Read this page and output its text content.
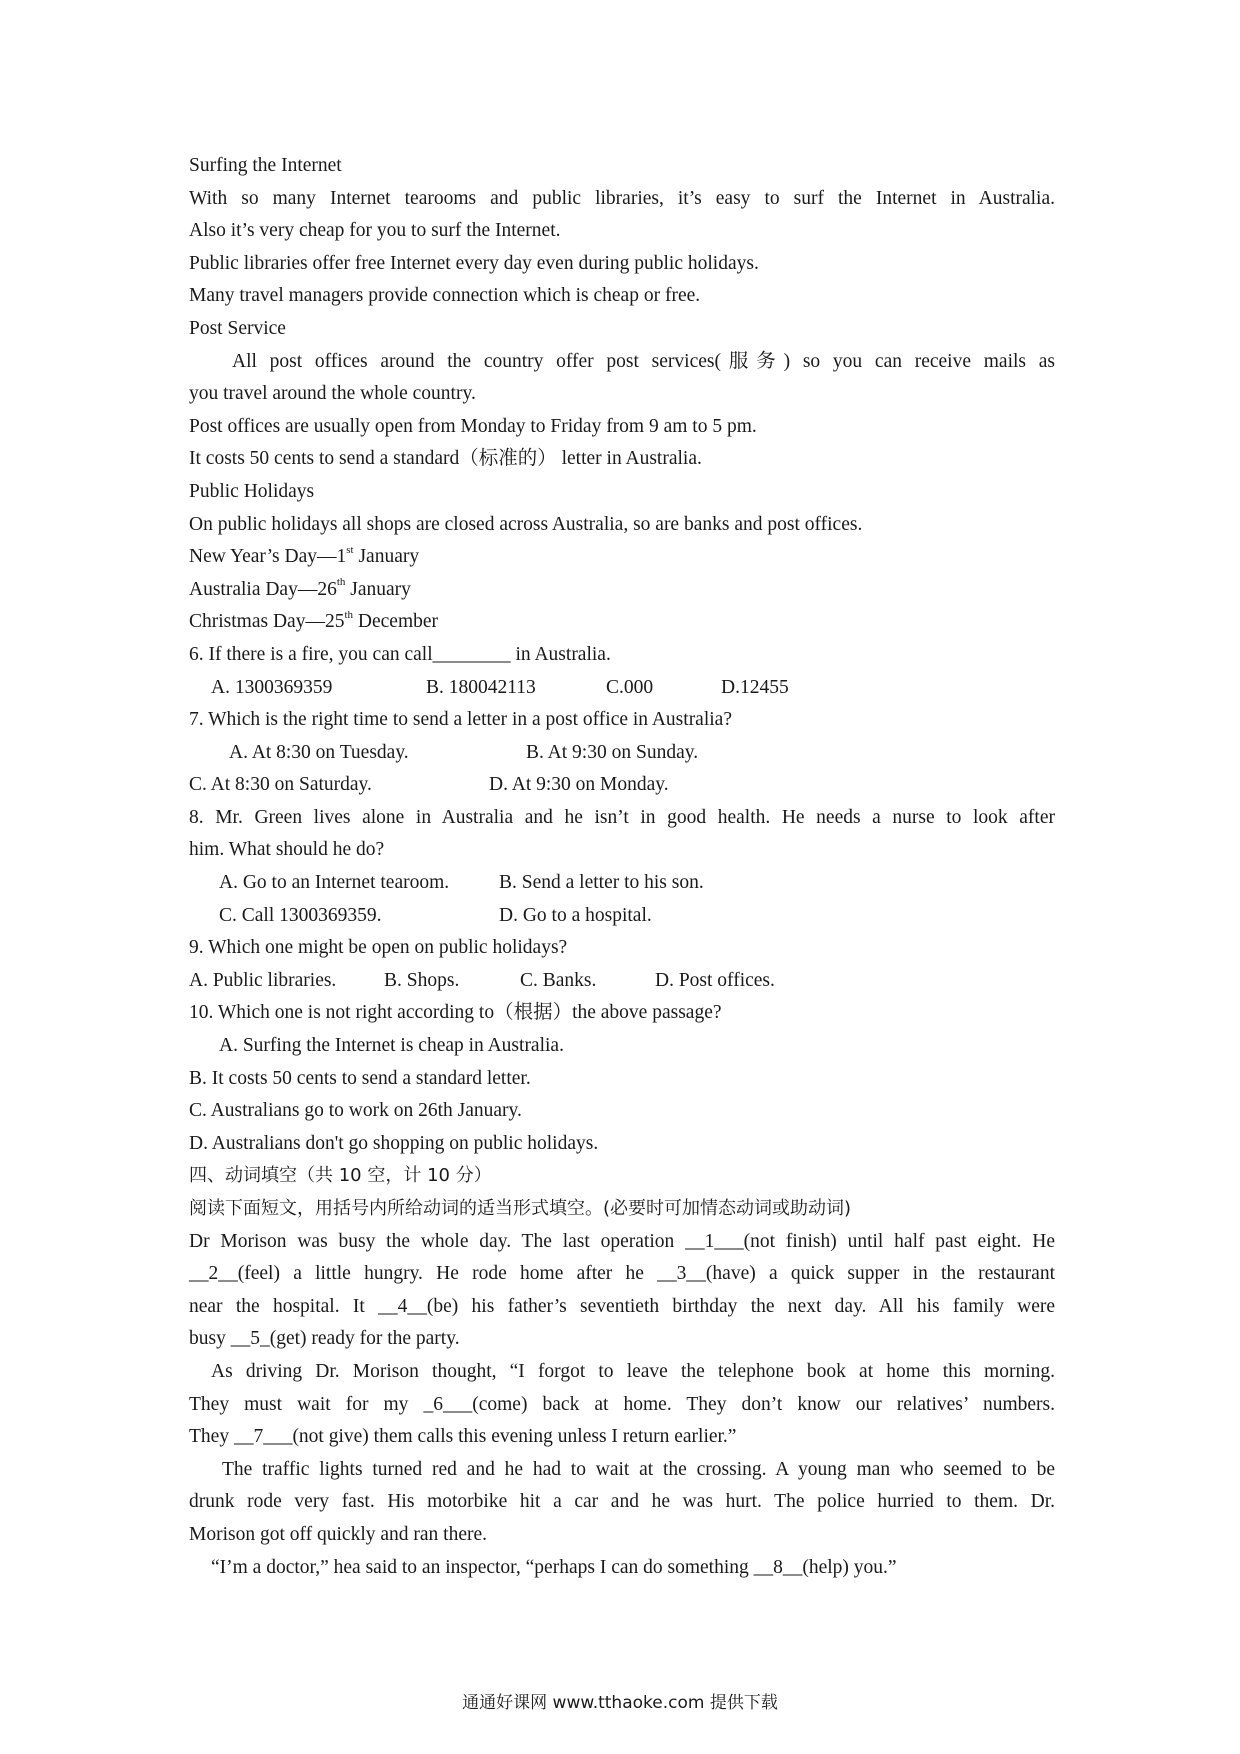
Surfing the Internet
With so many Internet tearooms and public libraries, it’s easy to surf the Internet in Australia.
Also it’s very cheap for you to surf the Internet.
Public libraries offer free Internet every day even during public holidays.
Many travel managers provide connection which is cheap or free.
Post Service
All post offices around the country offer post services(服务) so you can receive mails as
you travel around the whole country.
Post offices are usually open from Monday to Friday from 9 am to 5 pm.
It costs 50 cents to send a standard（标准的） letter in Australia.
Public Holidays
On public holidays all shops are closed across Australia, so are banks and post offices.
New Year’s Day—1st January
Australia Day—26th January
Christmas Day—25th December
6. If there is a fire, you can call________ in Australia.
A. 1300369359	B. 180042113	C.000	D.12455
7. Which is the right time to send a letter in a post office in Australia?
A. At 8:30 on Tuesday.	B. At 9:30 on Sunday.
C. At 8:30 on Saturday.	D. At 9:30 on Monday.
8. Mr. Green lives alone in Australia and he isn’t in good health. He needs a nurse to look after
him. What should he do?
A. Go to an Internet tearoom.	B. Send a letter to his son.
C. Call 1300369359.	D. Go to a hospital.
9. Which one might be open on public holidays?
A. Public libraries.	B. Shops.	C. Banks.	D. Post offices.
10. Which one is not right according to（根据）the above passage?
A. Surfing the Internet is cheap in Australia.
B. It costs 50 cents to send a standard letter.
C. Australians go to work on 26th January.
D. Australians don't go shopping on public holidays.
四、动词填空（共 10 空，计 10 分）
阅读下面短文，用括号内所给动词的适当形式填空。(必要时可加情态动词或助动词)
Dr Morison was busy the whole day. The last operation __1___(not finish) until half past eight. He
__2__(feel) a little hungry. He rode home after he __3__(have) a quick supper in the restaurant
near the hospital. It __4__(be) his father’s seventieth birthday the next day. All his family were
busy __5_(get) ready for the party.
As driving Dr. Morison thought, “I forgot to leave the telephone book at home this morning.
They must wait for my _6___(come) back at home. They don’t know our relatives’ numbers.
They __7___(not give) them calls this evening unless I return earlier.”
The traffic lights turned red and he had to wait at the crossing. A young man who seemed to be
drunk rode very fast. His motorbike hit a car and he was hurt. The police hurried to them. Dr.
Morison got off quickly and ran there.
“I’m a doctor,” hea said to an inspector, “perhaps I can do something __8__(help) you.”
通通好课网 www.tthaoke.com 提供下载
